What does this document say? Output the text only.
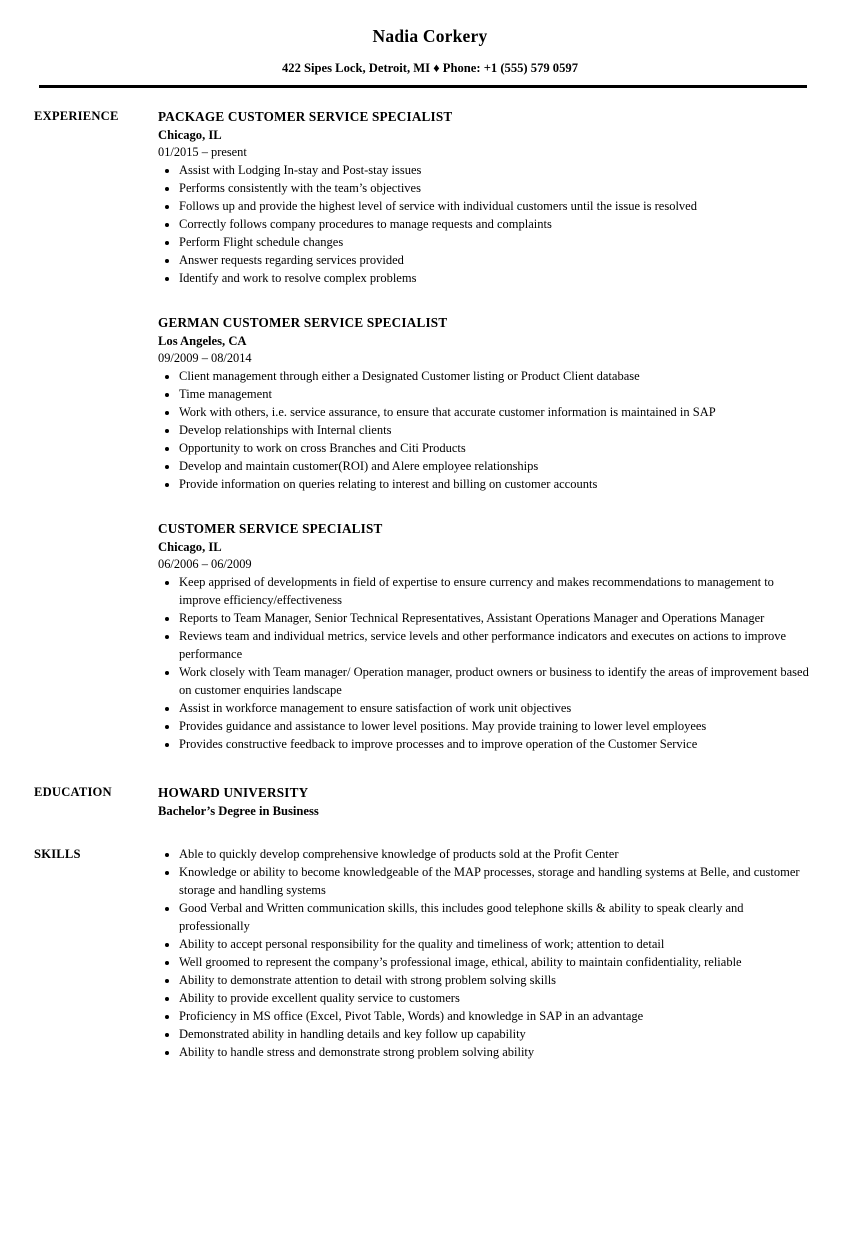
Nadia Corkery
422 Sipes Lock, Detroit, MI ♦ Phone: +1 (555) 579 0597
EXPERIENCE	PACKAGE CUSTOMER SERVICE SPECIALIST
Chicago, IL
01/2015 – present
• Assist with Lodging In-stay and Post-stay issues
• Performs consistently with the team’s objectives
• Follows up and provide the highest level of service with individual customers until the issue is resolved
• Correctly follows company procedures to manage requests and complaints
• Perform Flight schedule changes
• Answer requests regarding services provided
• Identify and work to resolve complex problems
GERMAN CUSTOMER SERVICE SPECIALIST
Los Angeles, CA
09/2009 – 08/2014
• Client management through either a Designated Customer listing or Product Client database
• Time management
• Work with others, i.e. service assurance, to ensure that accurate customer information is maintained in SAP
• Develop relationships with Internal clients
• Opportunity to work on cross Branches and Citi Products
• Develop and maintain customer(ROI) and Alere employee relationships
• Provide information on queries relating to interest and billing on customer accounts
CUSTOMER SERVICE SPECIALIST
Chicago, IL
06/2006 – 06/2009
• Keep apprised of developments in field of expertise to ensure currency and makes recommendations to management to improve efficiency/effectiveness
• Reports to Team Manager, Senior Technical Representatives, Assistant Operations Manager and Operations Manager
• Reviews team and individual metrics, service levels and other performance indicators and executes on actions to improve performance
• Work closely with Team manager/ Operation manager, product owners or business to identify the areas of improvement based on customer enquiries landscape
• Assist in workforce management to ensure satisfaction of work unit objectives
• Provides guidance and assistance to lower level positions. May provide training to lower level employees
• Provides constructive feedback to improve processes and to improve operation of the Customer Service
EDUCATION	HOWARD UNIVERSITY
Bachelor’s Degree in Business
SKILLS	• Able to quickly develop comprehensive knowledge of products sold at the Profit Center
• Knowledge or ability to become knowledgeable of the MAP processes, storage and handling systems at Belle, and customer storage and handling systems
• Good Verbal and Written communication skills, this includes good telephone skills & ability to speak clearly and professionally
• Ability to accept personal responsibility for the quality and timeliness of work; attention to detail
• Well groomed to represent the company’s professional image, ethical, ability to maintain confidentiality, reliable
• Ability to demonstrate attention to detail with strong problem solving skills
• Ability to provide excellent quality service to customers
• Proficiency in MS office (Excel, Pivot Table, Words) and knowledge in SAP in an advantage
• Demonstrated ability in handling details and key follow up capability
• Ability to handle stress and demonstrate strong problem solving ability
